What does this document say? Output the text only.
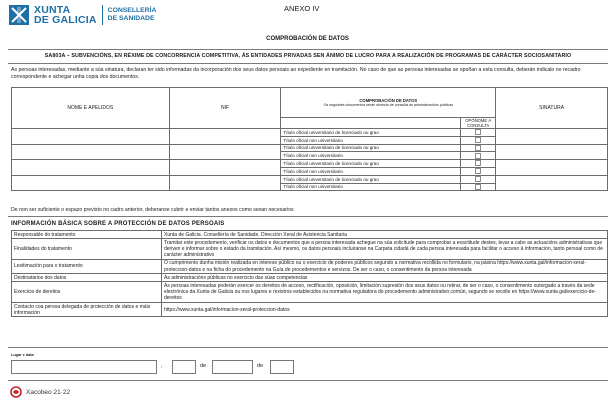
XUNTA
DE GALICIA
CONSELLERÍA
DE SANIDADE
ANEXO IV
COMPROBACIÓN DE DATOS
SA803A – SUBVENCIÓNS, EN RÉXIME DE CONCORRENCIA COMPETITIVA, ÁS ENTIDADES PRIVADAS SEN ÁNIMO DE LUCRO PARA A REALIZACIÓN DE PROGRAMAS DE CARÁCTER SOCIOSANITARIO
As persoas interesadas, mediante a súa sinatura, declaran ter sido informadas da incorporación dos seus datos persoais ao expediente en tramitación. No caso de que as persoas interesadas se opoñan a esta consulta, deberán indicalo no recadro correspondente e achegar unha copia dos documentos.
NOME E APELIDOS	NIF	COMPROBACIÓN DE DATOS
Os seguintes documentos serán obxecto de consulta ás administracións públicas		SINATURA
			OPÓÑOME Á CONSULTA	
		Título oficial universitario de licenciado ou grao		
		Título oficial non universitario		
		Título oficial universitario de licenciado ou grao		
		Título oficial non universitario		
		Título oficial universitario de licenciado ou grao		
		Título oficial non universitario		
		Título oficial universitario de licenciado ou grao		
		Título oficial non universitario		
De non ser suficiente o espazo previsto no cadro anterior, deberanse cubrir e enviar tantos anexos como sexan necesarios
INFORMACIÓN BÁSICA SOBRE A PROTECCIÓN DE DATOS PERSOAIS
Responsable do tratamento	Xunta de Galicia. Consellería de Sanidade. Dirección Xeral de Asistencia Sanitaria
Finalidades do tratamento	Tramitar este procedemento, verificar os datos e documentos que a persoa interesada achegue na súa solicitude para comprobar a exactitude destes, levar a cabo as actuacións administrativas que deriven e informar sobre o estado da tramitación. Así mesmo, os datos persoais incluiranse na Carpeta cidadá de cada persoa interesada para facilitar o acceso á información, tanto persoal como de carácter administrativo
Lexitimación para o tratamento	O cumprimento dunha misión realizada en interese público ou o exercicio de poderes públicos segundo a normativa recollida no formulario, na páxina https://www.xunta.gal/informacion-xeral-proteccion-datos e na ficha do procedemento na Guía de procedementos e servizos. De ser o caso, o consentimento da persoa interesada
Destinatarios dos datos	As administracións públicas no exercicio das súas competencias
Exercicio de dereitos	As persoas interesadas poderán exercer os dereitos de acceso, rectificación, oposición, limitación supresión dos seus datos ou retirar, de ser o caso, o consentimento outorgado a través da sede electrónica da Xunta de Galicia ou nos lugares e rexistros establecidos na normativa reguladora do procedemento administrativo común, segundo se recolle en https://www.xunta.gal/exercicio-de-dereitos
Contacto coa persoa delegada de protección de datos e máis información	https://www.xunta.gal/informacion-xeral-proteccion-datos
Lugar e data
,	de	de
Xacobeo 21·22
